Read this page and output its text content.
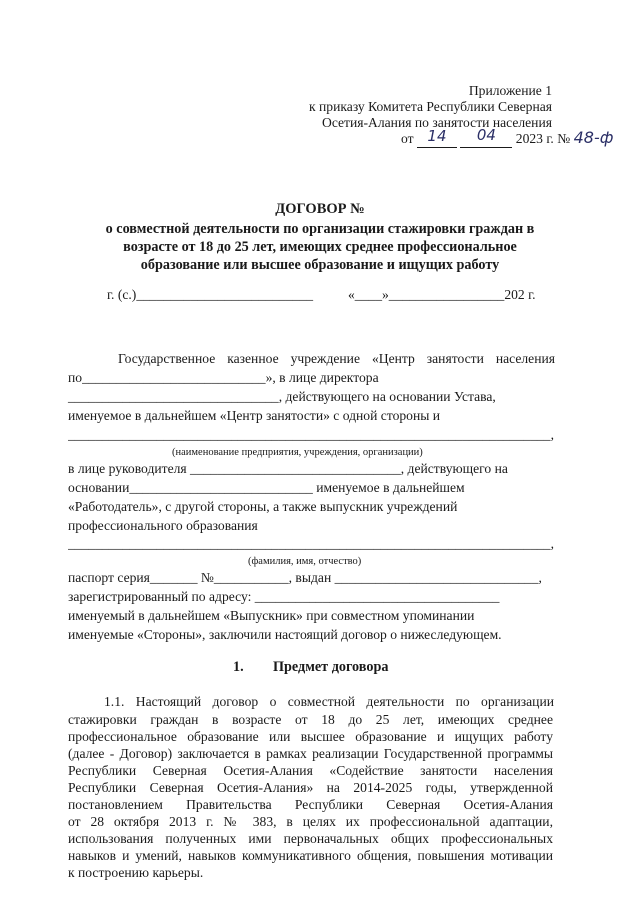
Приложение 1
к приказу Комитета Республики Северная
Осетия-Алания по занятости населения
от 14 04 2023 г. № 48-ф
ДОГОВОР №
о совместной деятельности по организации стажировки граждан в
возрасте от 18 до 25 лет, имеющих среднее профессиональное
образование или высшее образование и ищущих работу
г. (с.)__________________________	«____»_________________202 г.
Государственное казенное учреждение «Центр занятости населения
по___________________________», в лице директора
_______________________________, действующего на основании Устава,
именуемое в дальнейшем «Центр занятости» с одной стороны и
_______________________________________________________________________,
(наименование предприятия, учреждения, организации)
в лице руководителя _______________________________, действующего на
основании___________________________ именуемое в дальнейшем
«Работодатель», с другой стороны, а также выпускник учреждений
профессионального образования
_______________________________________________________________________,
(фамилия, имя, отчество)
паспорт серия_______ №___________, выдан ______________________________,
зарегистрированный по адресу: ____________________________________
именуемый в дальнейшем «Выпускник» при совместном упоминании
именуемые «Стороны», заключили настоящий договор о нижеследующем.
1. Предмет договора
1.1. Настоящий договор о совместной деятельности по организации
стажировки граждан в возрасте от 18 до 25 лет, имеющих среднее
профессиональное образование или высшее образование и ищущих работу
(далее - Договор) заключается в рамках реализации Государственной программы
Республики Северная Осетия-Алания «Содействие занятости населения
Республики Северная Осетия-Алания» на 2014-2025 годы, утвержденной
постановлением Правительства Республики Северная Осетия-Алания
от 28 октября 2013 г. № 383, в целях их профессиональной адаптации,
использования полученных ими первоначальных общих профессиональных
навыков и умений, навыков коммуникативного общения, повышения мотивации
к построению карьеры.
